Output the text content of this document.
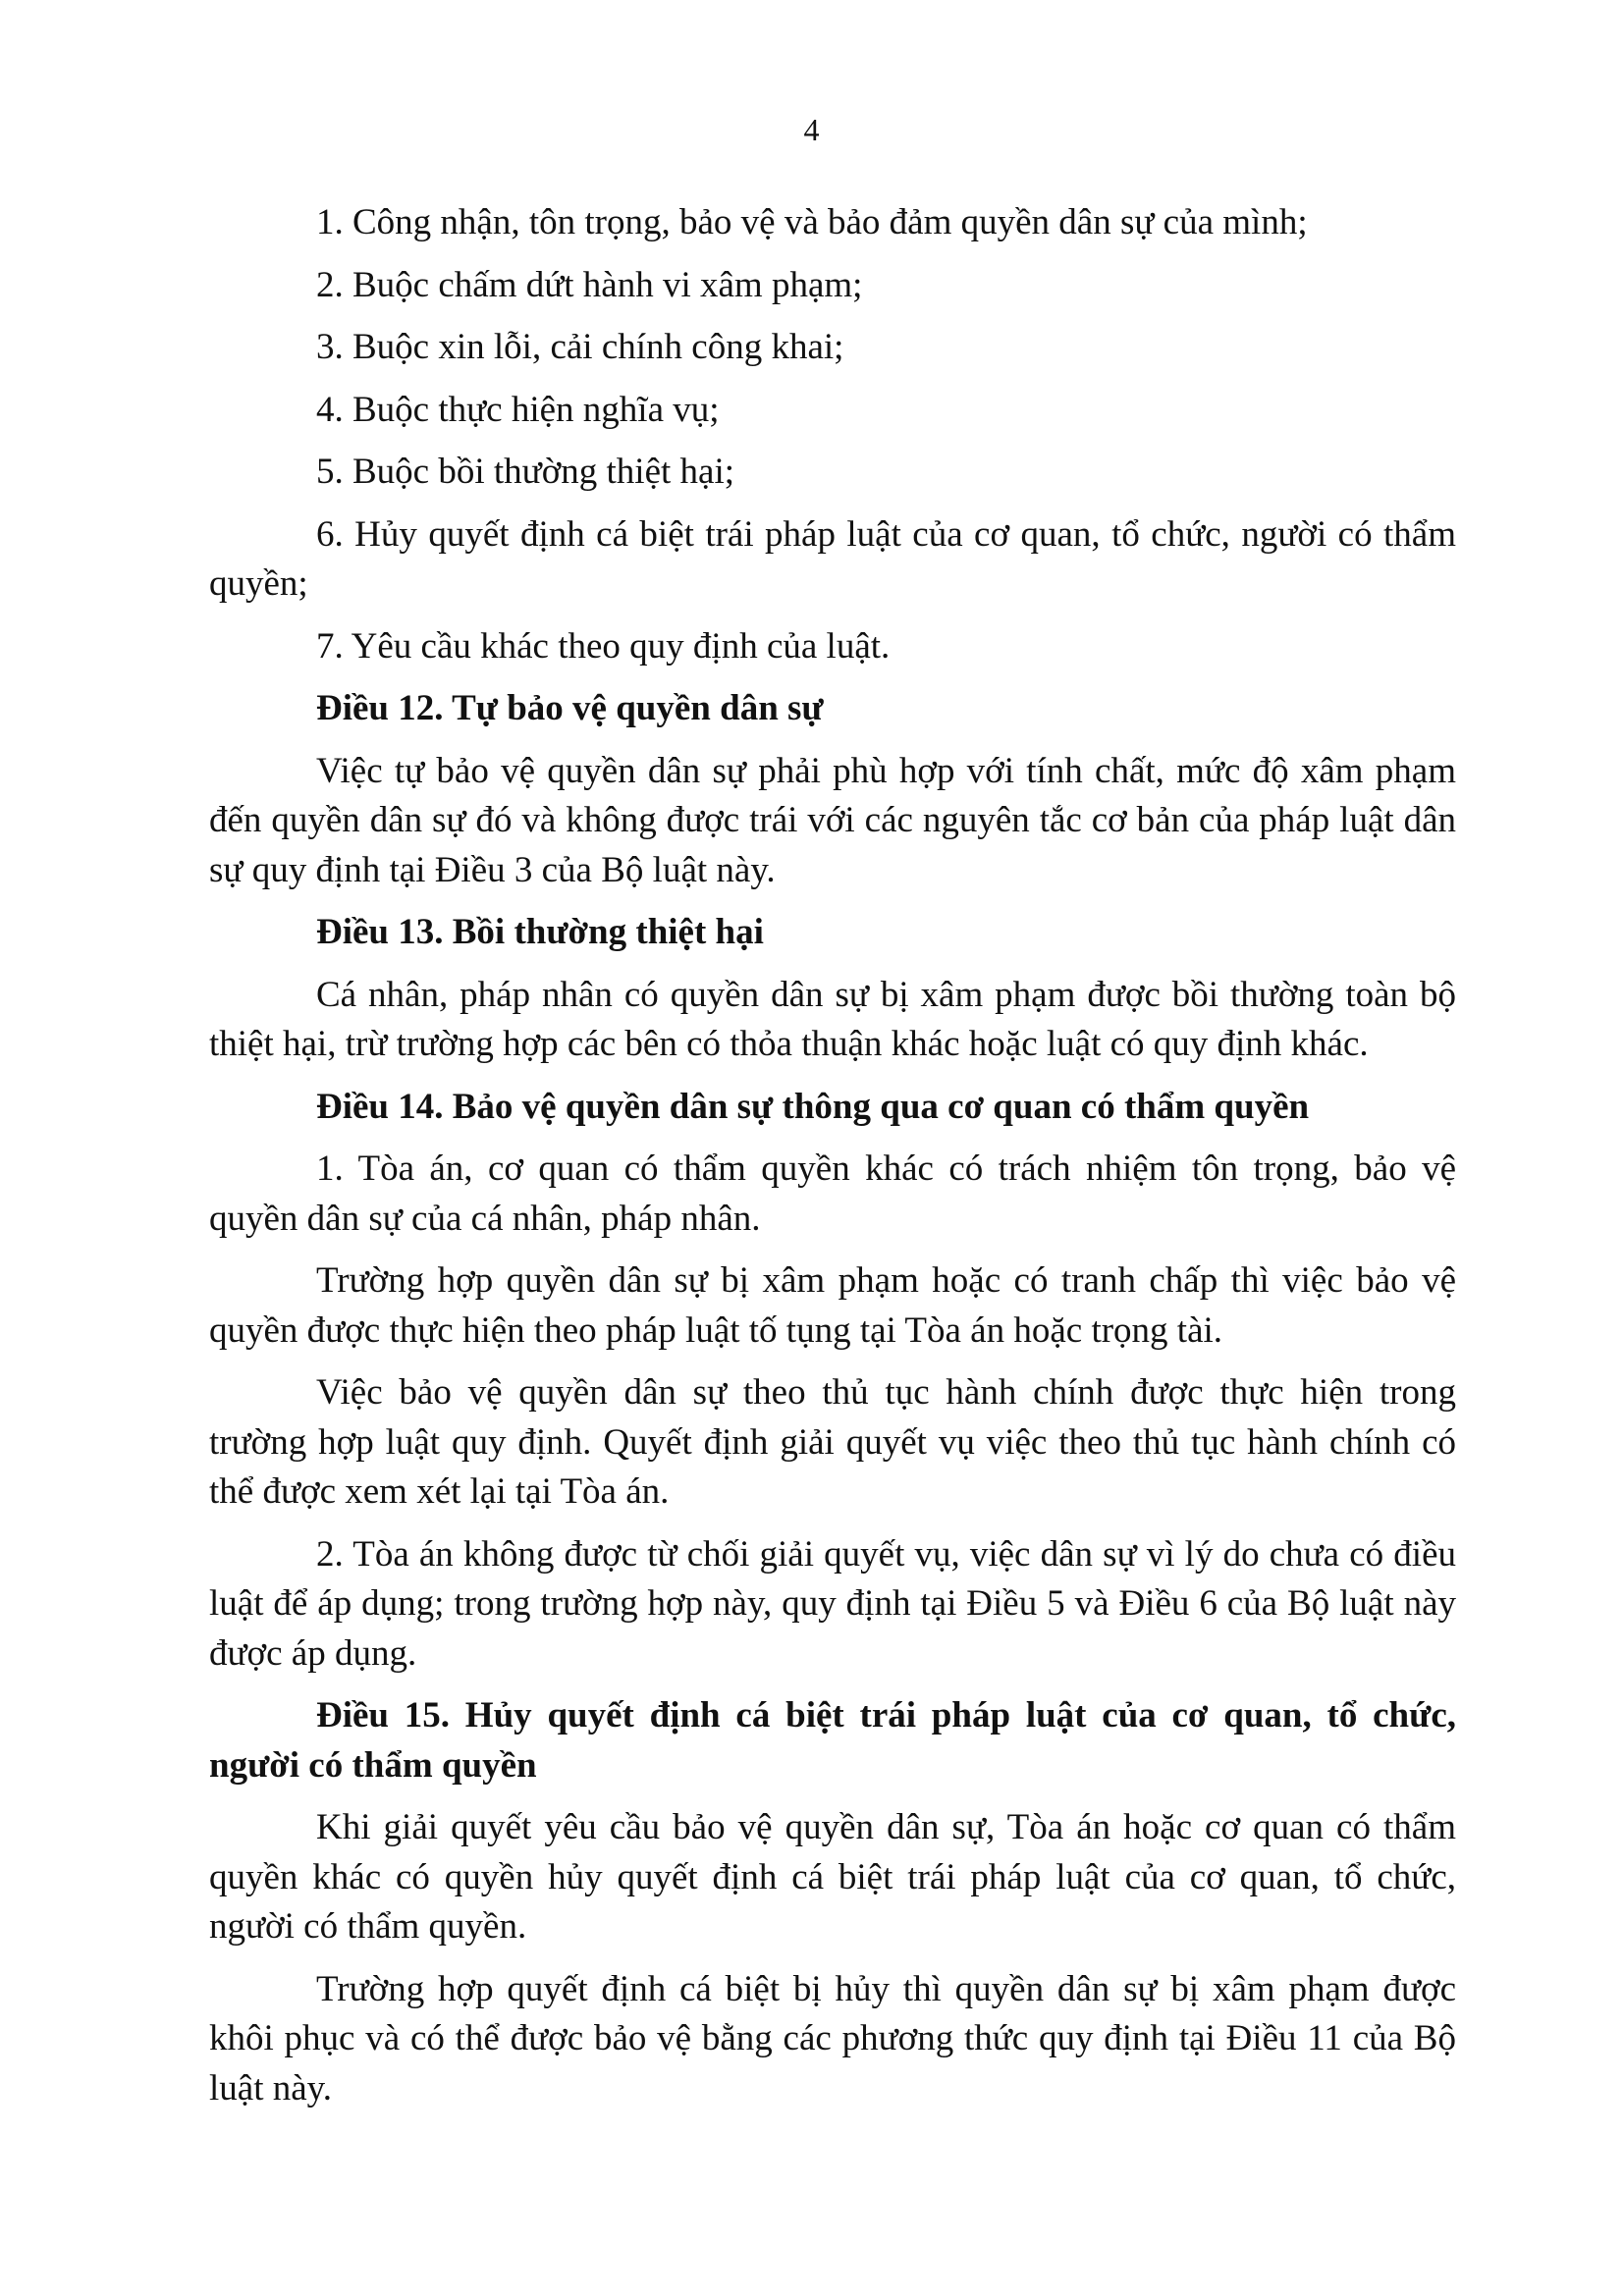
4

1. Công nhận, tôn trọng, bảo vệ và bảo đảm quyền dân sự của mình;

2. Buộc chấm dứt hành vi xâm phạm;

3. Buộc xin lỗi, cải chính công khai;

4. Buộc thực hiện nghĩa vụ;

5. Buộc bồi thường thiệt hại;

6. Hủy quyết định cá biệt trái pháp luật của cơ quan, tổ chức, người có thẩm quyền;

7. Yêu cầu khác theo quy định của luật.

Điều 12. Tự bảo vệ quyền dân sự

Việc tự bảo vệ quyền dân sự phải phù hợp với tính chất, mức độ xâm phạm đến quyền dân sự đó và không được trái với các nguyên tắc cơ bản của pháp luật dân sự quy định tại Điều 3 của Bộ luật này.

Điều 13. Bồi thường thiệt hại

Cá nhân, pháp nhân có quyền dân sự bị xâm phạm được bồi thường toàn bộ thiệt hại, trừ trường hợp các bên có thỏa thuận khác hoặc luật có quy định khác.

Điều 14. Bảo vệ quyền dân sự thông qua cơ quan có thẩm quyền

1. Tòa án, cơ quan có thẩm quyền khác có trách nhiệm tôn trọng, bảo vệ quyền dân sự của cá nhân, pháp nhân.

Trường hợp quyền dân sự bị xâm phạm hoặc có tranh chấp thì việc bảo vệ quyền được thực hiện theo pháp luật tố tụng tại Tòa án hoặc trọng tài.

Việc bảo vệ quyền dân sự theo thủ tục hành chính được thực hiện trong trường hợp luật quy định. Quyết định giải quyết vụ việc theo thủ tục hành chính có thể được xem xét lại tại Tòa án.

2. Tòa án không được từ chối giải quyết vụ, việc dân sự vì lý do chưa có điều luật để áp dụng; trong trường hợp này, quy định tại Điều 5 và Điều 6 của Bộ luật này được áp dụng.

Điều 15. Hủy quyết định cá biệt trái pháp luật của cơ quan, tổ chức, người có thẩm quyền

Khi giải quyết yêu cầu bảo vệ quyền dân sự, Tòa án hoặc cơ quan có thẩm quyền khác có quyền hủy quyết định cá biệt trái pháp luật của cơ quan, tổ chức, người có thẩm quyền.

Trường hợp quyết định cá biệt bị hủy thì quyền dân sự bị xâm phạm được khôi phục và có thể được bảo vệ bằng các phương thức quy định tại Điều 11 của Bộ luật này.
